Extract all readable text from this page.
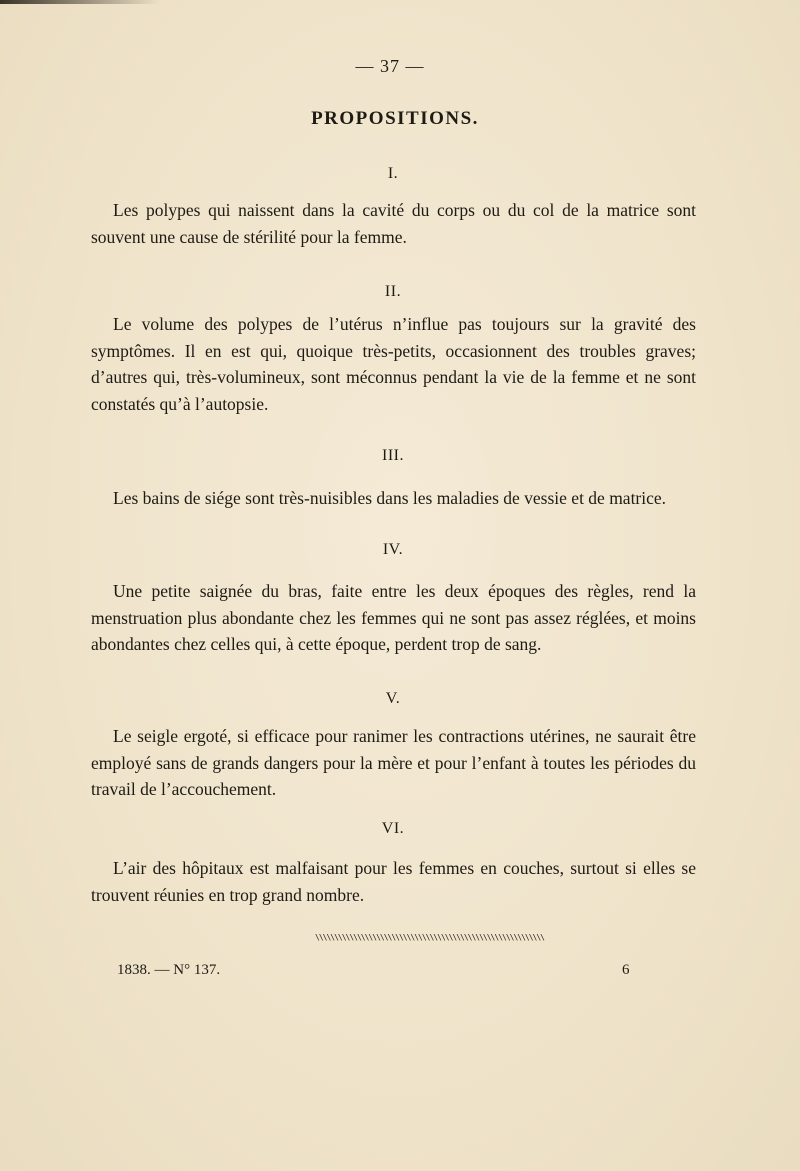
— 37 —
PROPOSITIONS.
I.

Les polypes qui naissent dans la cavité du corps ou du col de la matrice sont souvent une cause de stérilité pour la femme.

II.

Le volume des polypes de l’utérus n’influe pas toujours sur la gravité des symptômes. Il en est qui, quoique très-petits, occasionnent des troubles graves; d’autres qui, très-volumineux, sont méconnus pendant la vie de la femme et ne sont constatés qu’à l’autopsie.

III.

Les bains de siége sont très-nuisibles dans les maladies de vessie et de matrice.

IV.

Une petite saignée du bras, faite entre les deux époques des règles, rend la menstruation plus abondante chez les femmes qui ne sont pas assez réglées, et moins abondantes chez celles qui, à cette époque, perdent trop de sang.

V.

Le seigle ergoté, si efficace pour ranimer les contractions utérines, ne saurait être employé sans de grands dangers pour la mère et pour l’enfant à toutes les périodes du travail de l’accouchement.

VI.

L’air des hôpitaux est malfaisant pour les femmes en couches, surtout si elles se trouvent réunies en trop grand nombre.

\\\\\\\\\\\\\\\\\\\\\\\\\\\\\\\\\\\\\\\\\\\\\\\\\\\\\\\\\\\\
1838. — N° 137.	6
